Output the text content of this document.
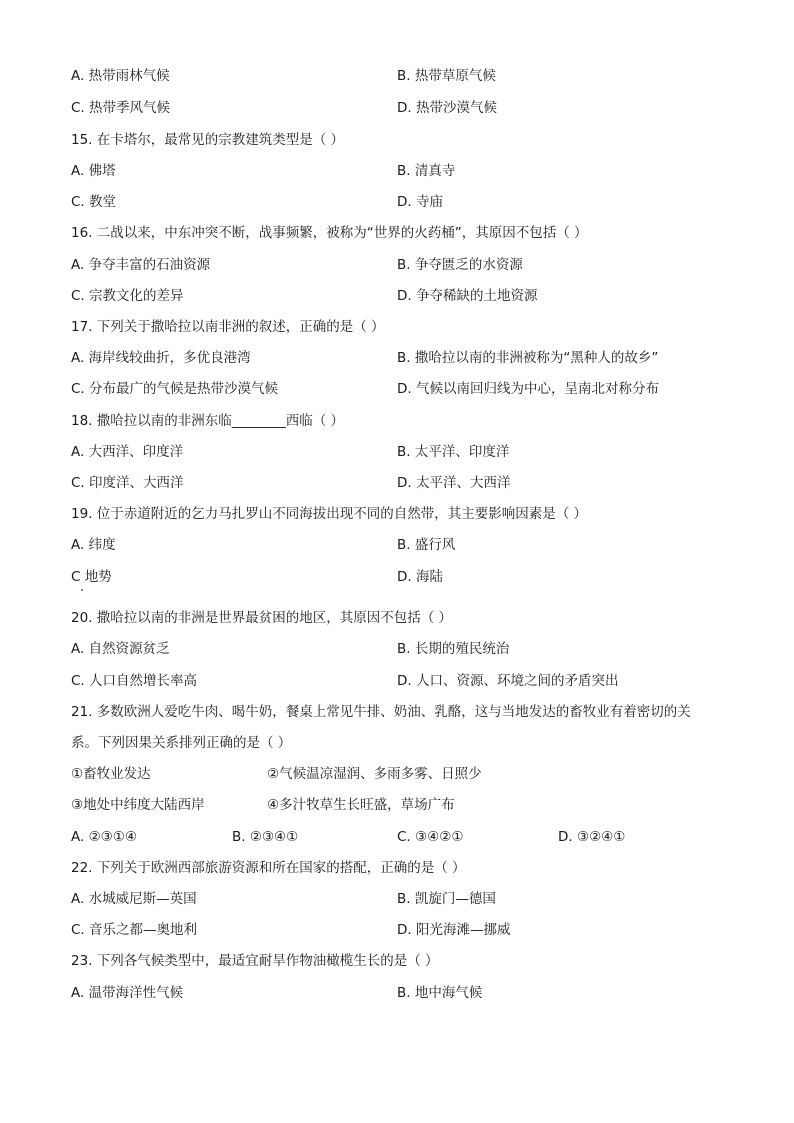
A. 热带雨林气候	B. 热带草原气候
C. 热带季风气候	D. 热带沙漠气候
15. 在卡塔尔，最常见的宗教建筑类型是（ ）
A. 佛塔	B. 清真寺
C. 教堂	D. 寺庙
16. 二战以来，中东冲突不断，战事频繁，被称为“世界的火药桶”，其原因不包括（ ）
A. 争夺丰富的石油资源	B. 争夺匮乏的水资源
C. 宗教文化的差异	D. 争夺稀缺的土地资源
17. 下列关于撒哈拉以南非洲的叙述，正确的是（ ）
A. 海岸线较曲折，多优良港湾	B. 撒哈拉以南的非洲被称为“黑种人的故乡”
C. 分布最广的气候是热带沙漠气候	D. 气候以南回归线为中心，呈南北对称分布
18. 撒哈拉以南的非洲东临________西临（ ）
A. 大西洋、印度洋	B. 太平洋、印度洋
C. 印度洋、大西洋	D. 太平洋、大西洋
19. 位于赤道附近的乞力马扎罗山不同海拔出现不同的自然带，其主要影响因素是（ ）
A. 纬度	B. 盛行风
C 地势	D. 海陆
20. 撒哈拉以南的非洲是世界最贫困的地区，其原因不包括（ ）
A. 自然资源贫乏	B. 长期的殖民统治
C. 人口自然增长率高	D. 人口、资源、环境之间的矛盾突出
21. 多数欧洲人爱吃牛肉、喝牛奶，餐桌上常见牛排、奶油、乳酪，这与当地发达的畜牧业有着密切的关
系。下列因果关系排列正确的是（ ）
①畜牧业发达	②气候温凉湿润、多雨多雾、日照少
③地处中纬度大陆西岸	④多汁牧草生长旺盛，草场广布
A. ②③①④	B. ②③④①	C. ③④②①	D. ③②④①
22. 下列关于欧洲西部旅游资源和所在国家的搭配，正确的是（ ）
A. 水城威尼斯—英国	B. 凯旋门—德国
C. 音乐之都—奥地利	D. 阳光海滩—挪威
23. 下列各气候类型中，最适宜耐旱作物油橄榄生长的是（ ）
A. 温带海洋性气候	B. 地中海气候
